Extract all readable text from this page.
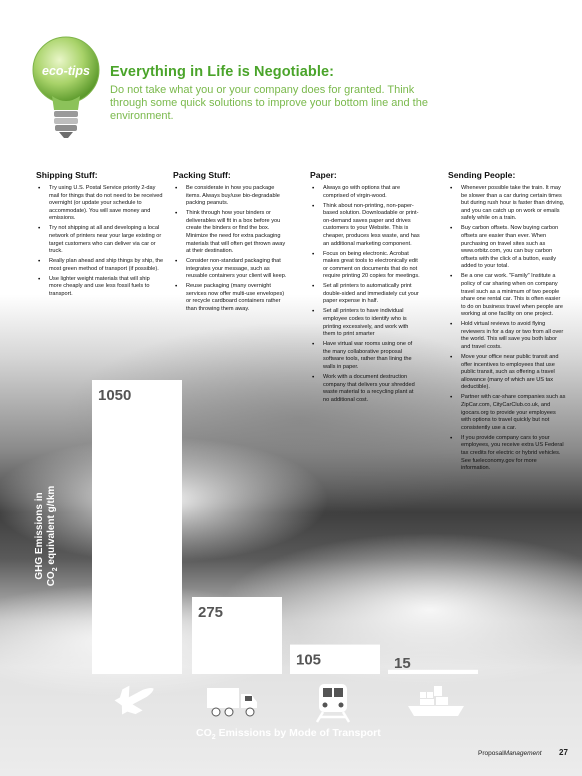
eco-tips Everything in Life is Negotiable:
Do not take what you or your company does for granted. Think through some quick solutions to improve your bottom line and the environment.
Shipping Stuff:
• Try using U.S. Postal Service priority 2-day mail for things that do not need to be received overnight (or update your schedule to accommodate). You will save money and emissions.
• Try not shipping at all and developing a local network of printers near your large existing or target customers who can deliver via car or truck.
• Really plan ahead and ship things by ship, the most green method of transport (if possible).
• Use lighter weight materials that will ship more cheaply and use less fossil fuels to transport.
Packing Stuff:
• Be considerate in how you package items. Always buy/use bio-degradable packing peanuts.
• Think through how your binders or deliverables will fit in a box before you create the binders or find the box. Minimize the need for extra packaging materials that will often get thrown away at their destination.
• Consider non-standard packaging that integrates your message, such as reusable containers your client will keep.
• Reuse packaging (many overnight services now offer multi-use envelopes) or recycle cardboard containers rather than throwing them away.
Paper:
• Always go with options that are comprised of virgin-wood.
• Think about non-printing, non-paper-based solution. Downloadable or print-on-demand saves paper and drives customers to your Website. This is cheaper, produces less waste, and has an additional marketing component.
• Focus on being electronic. Acrobat makes great tools to electronically edit or comment on documents that do not require printing 20 copies for meetings.
• Set all printers to automatically print double-sided and immediately cut your paper expense in half.
• Set all printers to have individual employee codes to identify who is printing excessively, and work with them to print smarter
• Have virtual war rooms using one of the many collaborative proposal software tools, rather than lining the walls in paper.
• Work with a document destruction company that delivers your shredded waste material to a recycling plant at no additional cost.
Sending People:
• Whenever possible take the train. It may be slower than a car during certain times but during rush hour is faster than driving, and you can catch up on work or emails safely while on a train.
• Buy carbon offsets. Now buying carbon offsets are easier than ever. When purchasing on travel sites such as www.orbitz.com, you can buy carbon offsets with the click of a button, easily added to your total.
• Be a one car work. "Family" Institute a policy of car sharing when on company travel such as a minimum of two people share one rental car. This is often easier to do on business travel when people are working at one facility on one project.
• Hold virtual reviews to avoid flying reviewers in for a day or two from all over the world. This will save you both labor and travel costs.
• Move your office near public transit and offer incentives to employees that use public transit, such as offering a travel allowance (many of which are US tax deductible).
• Partner with car-share companies such as ZipCar.com, CityCarClub.co.uk, and igocars.org to provide your employees with options to travel quickly but not consistently use a car.
• If you provide company cars to your employees, you receive extra US Federal tax credits for electric or hybrid vehicles. See fueleconomy.gov for more information.
1050
275
105	15
GHG Emissions in $CO_2$ equivalent g/tkm
$CO_2$ Emissions by Mode of Transport
ProposalManagement 27
